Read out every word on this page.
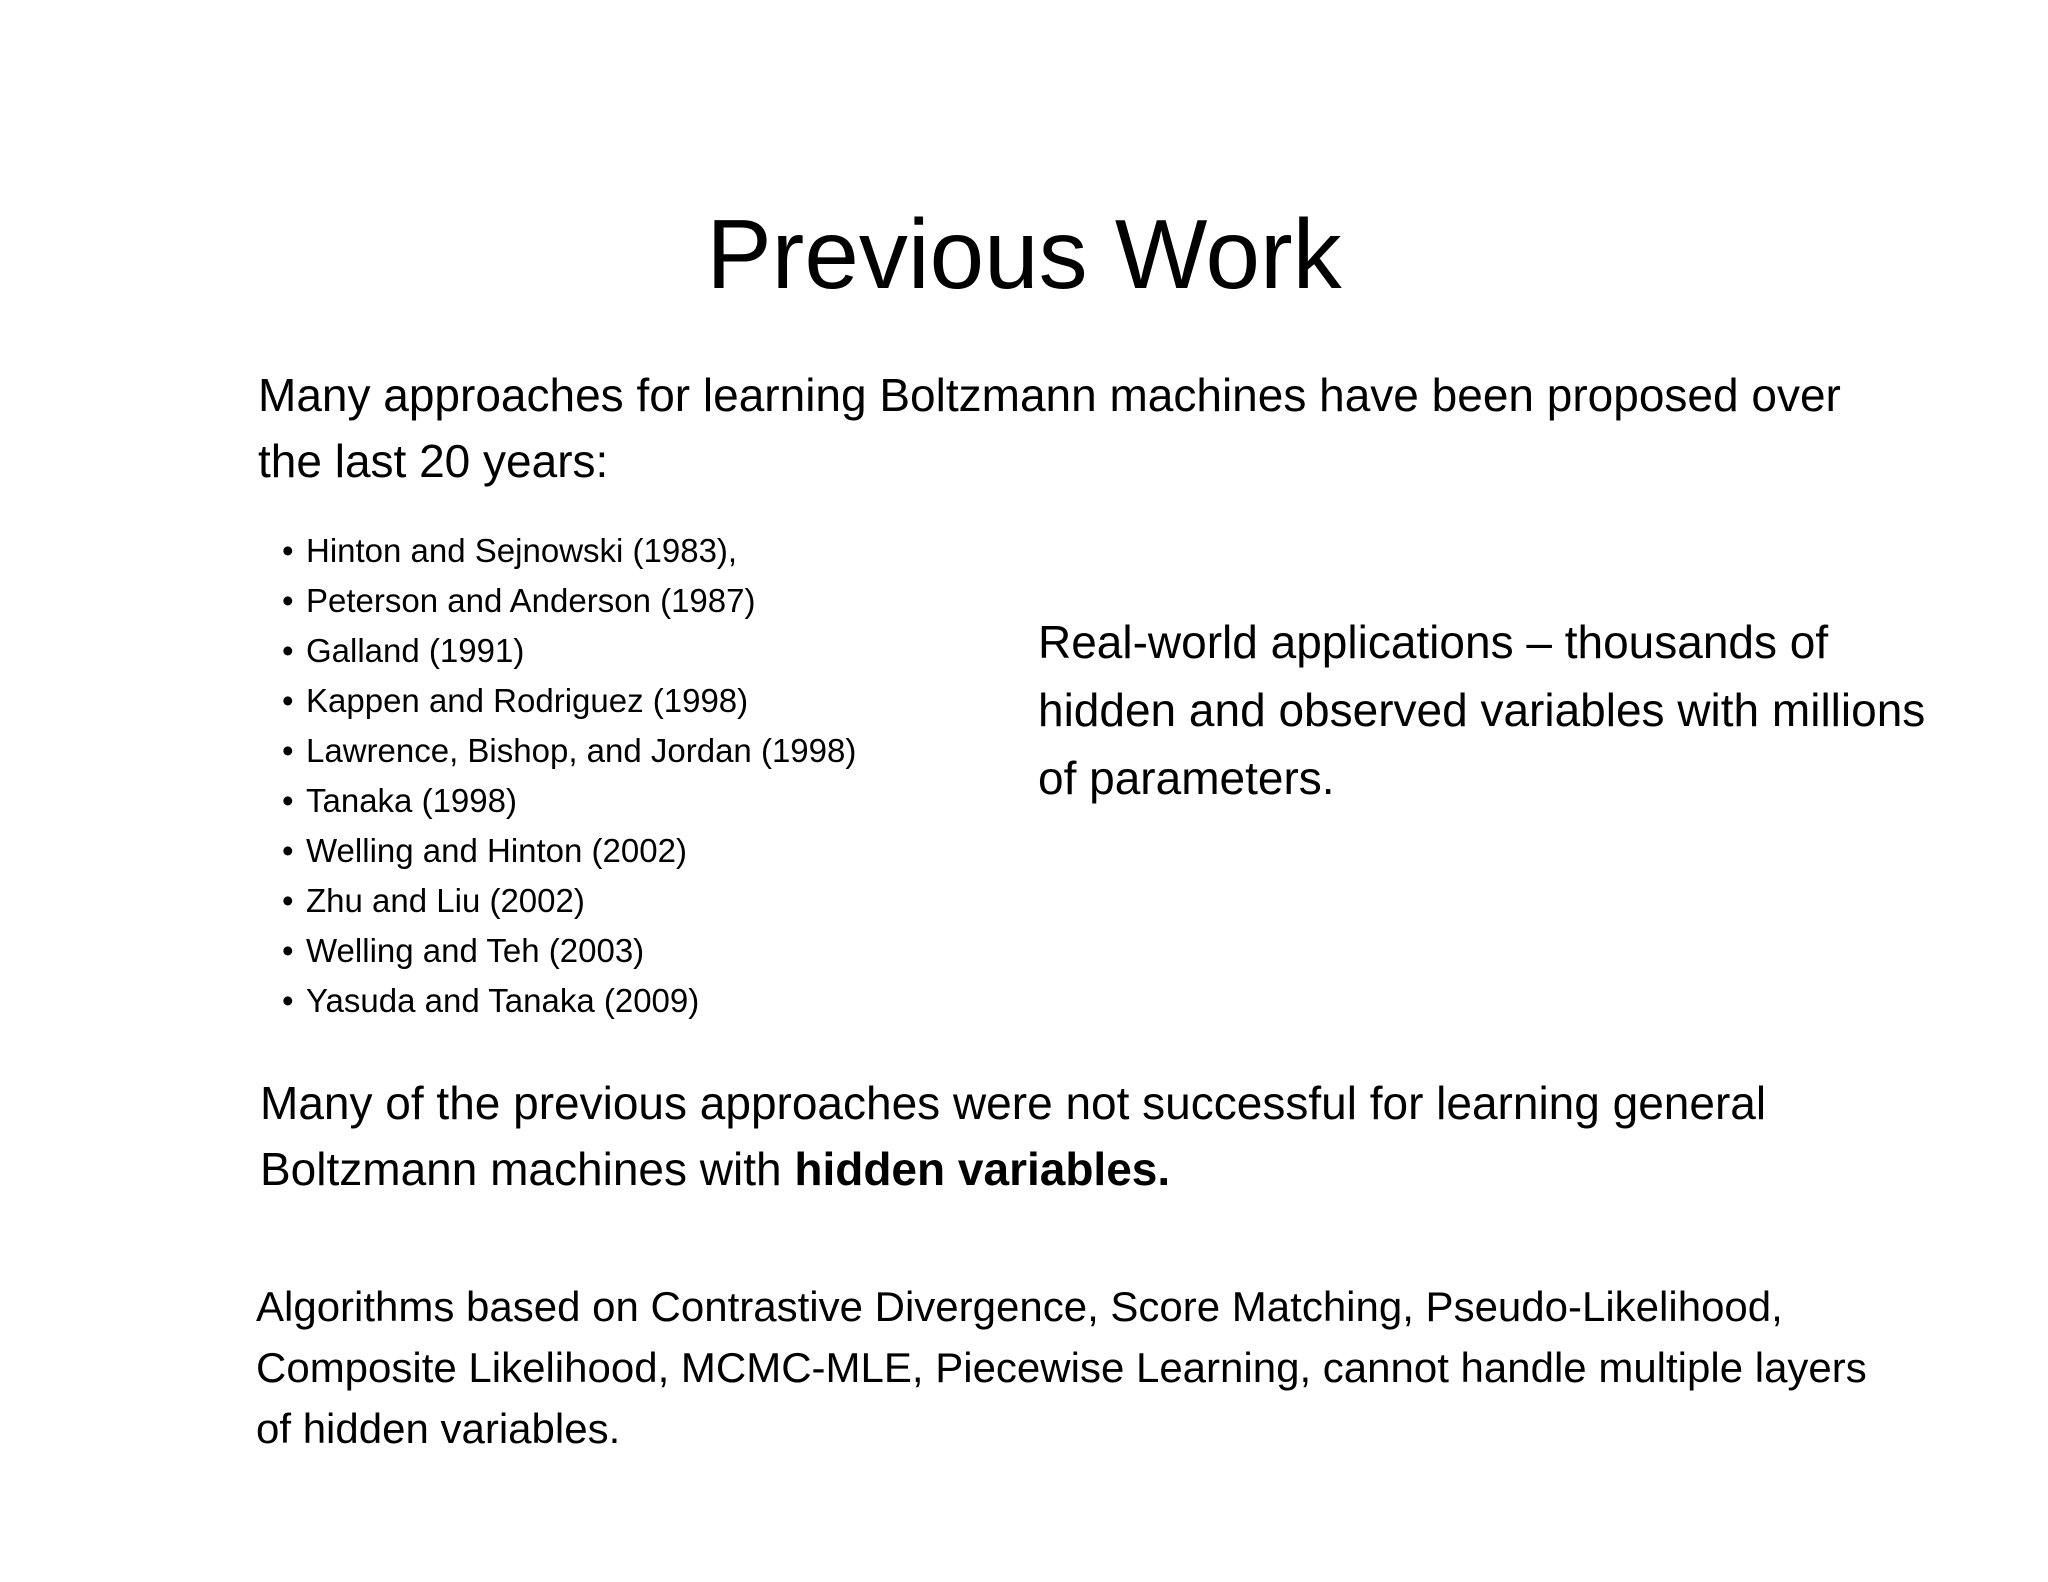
Previous Work

Many approaches for learning Boltzmann machines have been proposed over the last 20 years:

• Hinton and Sejnowski (1983),
• Peterson and Anderson (1987)
• Galland (1991)
• Kappen and Rodriguez (1998)
• Lawrence, Bishop, and Jordan (1998)
• Tanaka (1998)
• Welling and Hinton (2002)
• Zhu and Liu (2002)
• Welling and Teh (2003)
• Yasuda and Tanaka (2009)

Real-world applications – thousands of hidden and observed variables with millions of parameters.

Many of the previous approaches were not successful for learning general Boltzmann machines with hidden variables.

Algorithms based on Contrastive Divergence, Score Matching, Pseudo-Likelihood, Composite Likelihood, MCMC-MLE, Piecewise Learning, cannot handle multiple layers of hidden variables.
